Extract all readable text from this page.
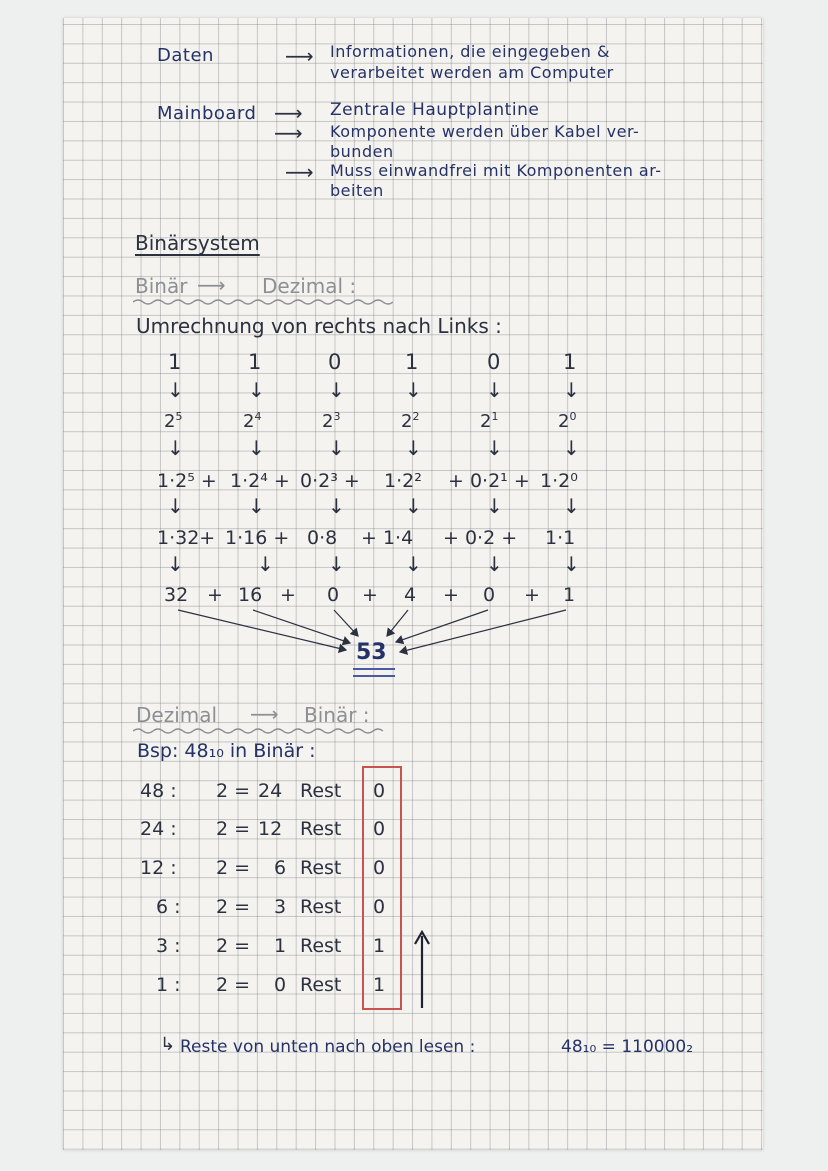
Daten	⟶ Informationen, die eingegeben &
verarbeitet werden am Computer
Mainboard ⟶ Zentrale Hauptplantine
⟶ Komponente werden über Kabel ver-
bunden
⟶ Muss einwandfrei mit Komponenten ar-
beiten
Binärsystem
Binär ⟶ Dezimal :
Umrechnung von rechts nach Links :
1	1	0	1	0	1
↓	↓	↓	↓	↓	↓
$2^5$	$2^4$	$2^3$	$2^2$	$2^1$	$2^0$
↓	↓	↓	↓	↓	↓
1·2⁵ + 1·2⁴ + 0·2³ + 1·2² + 0·2¹ + 1·2⁰
↓	↓	↓	↓	↓	↓
1·32+ 1·16 + 0·8 + 1·4 + 0·2 + 1·1
↓	↓	↓	↓	↓	↓
32 + 16 + 0 + 4 + 0 + 1
53
Dezimal ⟶ Binär :
Bsp: 48₁₀ in Binär :
48 : 2 = 24 Rest 0
24 : 2 = 12 Rest 0
12 : 2 = 6 Rest 0
6 : 2 = 3 Rest 0
3 : 2 = 1 Rest 1
1 : 2 = 0 Rest 1
↳ Reste von unten nach oben lesen :	48₁₀ = 110000₂
